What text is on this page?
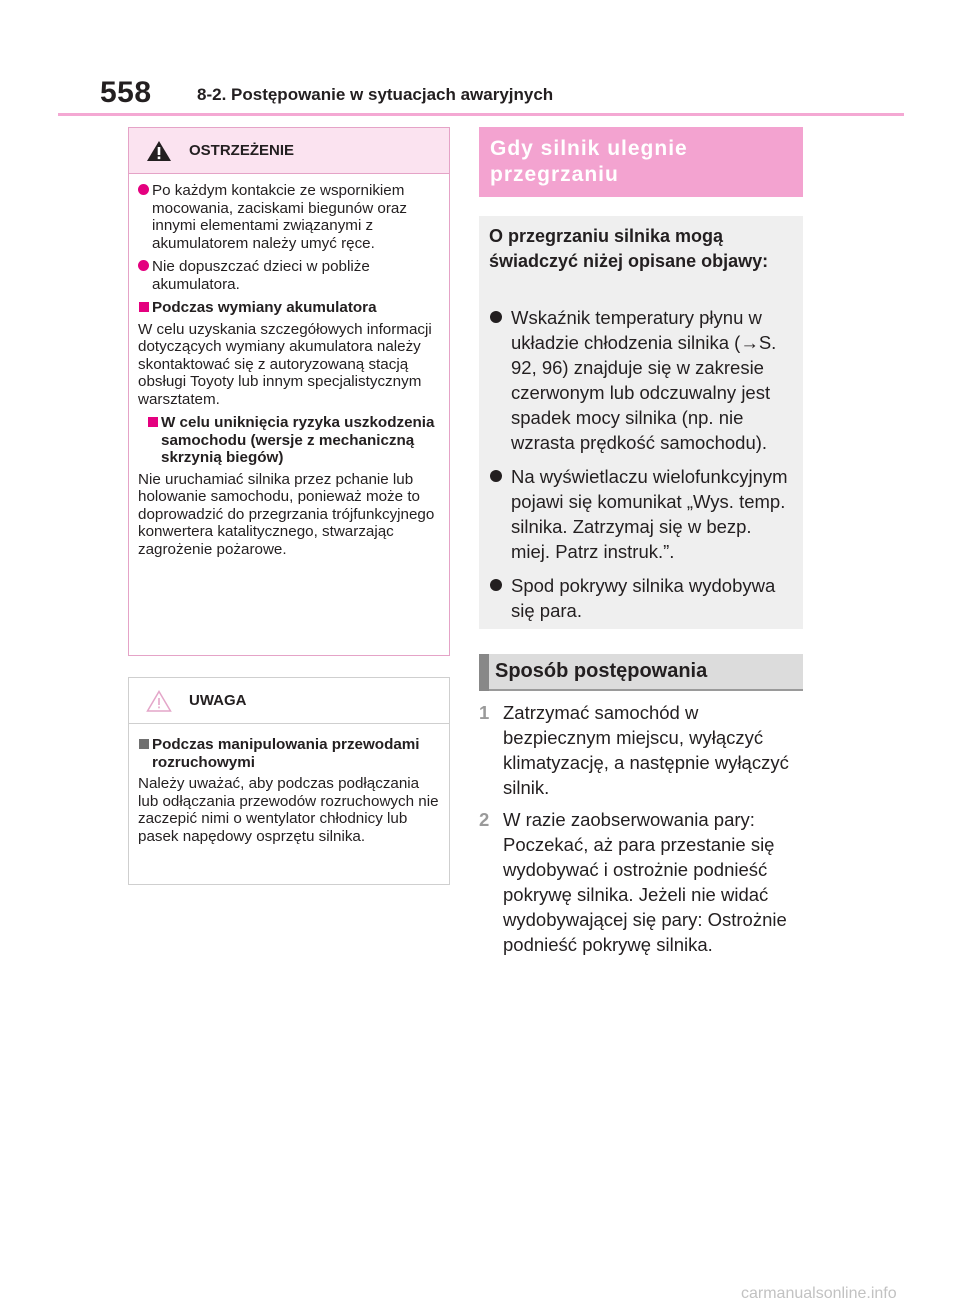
558	8-2. Postępowanie w sytuacjach awaryjnych
OSTRZEŻENIE
Po każdym kontakcie ze wspornikiem mocowania, zaciskami biegunów oraz innymi elementami związanymi z akumulatorem należy umyć ręce.
Nie dopuszczać dzieci w pobliże akumulatora.
Podczas wymiany akumulatora
W celu uzyskania szczegółowych informacji dotyczących wymiany akumulatora należy skontaktować się z autoryzowaną stacją obsługi Toyoty lub innym specjalistycznym warsztatem.
W celu uniknięcia ryzyka uszkodzenia samochodu (wersje z mechaniczną skrzynią biegów)
Nie uruchamiać silnika przez pchanie lub holowanie samochodu, ponieważ może to doprowadzić do przegrzania trójfunkcyjnego konwertera katalitycznego, stwarzając zagrożenie pożarowe.
UWAGA
Podczas manipulowania przewodami rozruchowymi
Należy uważać, aby podczas podłączania lub odłączania przewodów rozruchowych nie zaczepić nimi o wentylator chłodnicy lub pasek napędowy osprzętu silnika.
Gdy silnik ulegnie przegrzaniu
O przegrzaniu silnika mogą świadczyć niżej opisane objawy:
Wskaźnik temperatury płynu w układzie chłodzenia silnika (→S. 92, 96) znajduje się w zakresie czerwonym lub odczuwalny jest spadek mocy silnika (np. nie wzrasta prędkość samochodu).
Na wyświetlaczu wielofunkcyjnym pojawi się komunikat „Wys. temp. silnika. Zatrzymaj się w bezp. miej. Patrz instruk.”.
Spod pokrywy silnika wydobywa się para.
Sposób postępowania
1 Zatrzymać samochód w bezpiecznym miejscu, wyłączyć klimatyzację, a następnie wyłączyć silnik.
2 W razie zaobserwowania pary: Poczekać, aż para przestanie się wydobywać i ostrożnie podnieść pokrywę silnika. Jeżeli nie widać wydobywającej się pary: Ostrożnie podnieść pokrywę silnika.
carmanualsonline.info
